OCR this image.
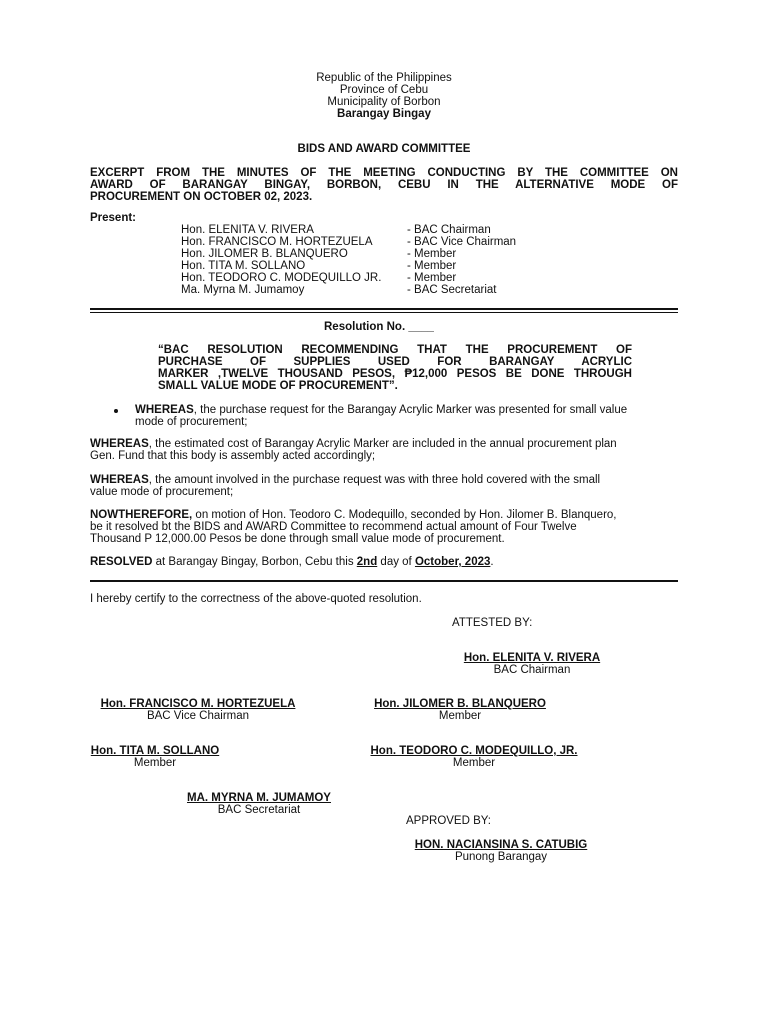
Republic of the Philippines
Province of Cebu
Municipality of Borbon
Barangay Bingay
BIDS AND AWARD COMMITTEE
EXCERPT FROM THE MINUTES OF THE MEETING CONDUCTING BY THE COMMITTEE ON
AWARD OF BARANGAY BINGAY, BORBON, CEBU IN THE ALTERNATIVE MODE OF
PROCUREMENT ON OCTOBER 02, 2023.
Present:
Hon. ELENITA V. RIVERA	- BAC Chairman
Hon. FRANCISCO M. HORTEZUELA	- BAC Vice Chairman
Hon. JILOMER B. BLANQUERO	- Member
Hon. TITA M. SOLLANO	- Member
Hon. TEODORO C. MODEQUILLO JR. - Member
Ma. Myrna M. Jumamoy	- BAC Secretariat
Resolution No. ____
“BAC RESOLUTION RECOMMENDING THAT THE PROCUREMENT OF
PURCHASE OF SUPPLIES USED FOR BARANGAY ACRYLIC
MARKER ,TWELVE THOUSAND PESOS, ₱12,000 PESOS BE DONE THROUGH
SMALL VALUE MODE OF PROCUREMENT”.
WHEREAS, the purchase request for the Barangay Acrylic Marker was presented for small value
mode of procurement;
WHEREAS, the estimated cost of Barangay Acrylic Marker are included in the annual procurement plan
Gen. Fund that this body is assembly acted accordingly;
WHEREAS, the amount involved in the purchase request was with three hold covered with the small
value mode of procurement;
NOWTHEREFORE, on motion of Hon. Teodoro C. Modequillo, seconded by Hon. Jilomer B. Blanquero,
be it resolved bt the BIDS and AWARD Committee to recommend actual amount of Four Twelve
Thousand P 12,000.00 Pesos be done through small value mode of procurement.
RESOLVED at Barangay Bingay, Borbon, Cebu this 2nd day of October, 2023.
I hereby certify to the correctness of the above-quoted resolution.
ATTESTED BY:
Hon. ELENITA V. RIVERA
BAC Chairman
Hon. FRANCISCO M. HORTEZUELA
BAC Vice Chairman
Hon. JILOMER B. BLANQUERO
Member
Hon. TITA M. SOLLANO
Member
Hon. TEODORO C. MODEQUILLO, JR.
Member
MA. MYRNA M. JUMAMOY
BAC Secretariat
APPROVED BY:
HON. NACIANSINA S. CATUBIG
Punong Barangay
